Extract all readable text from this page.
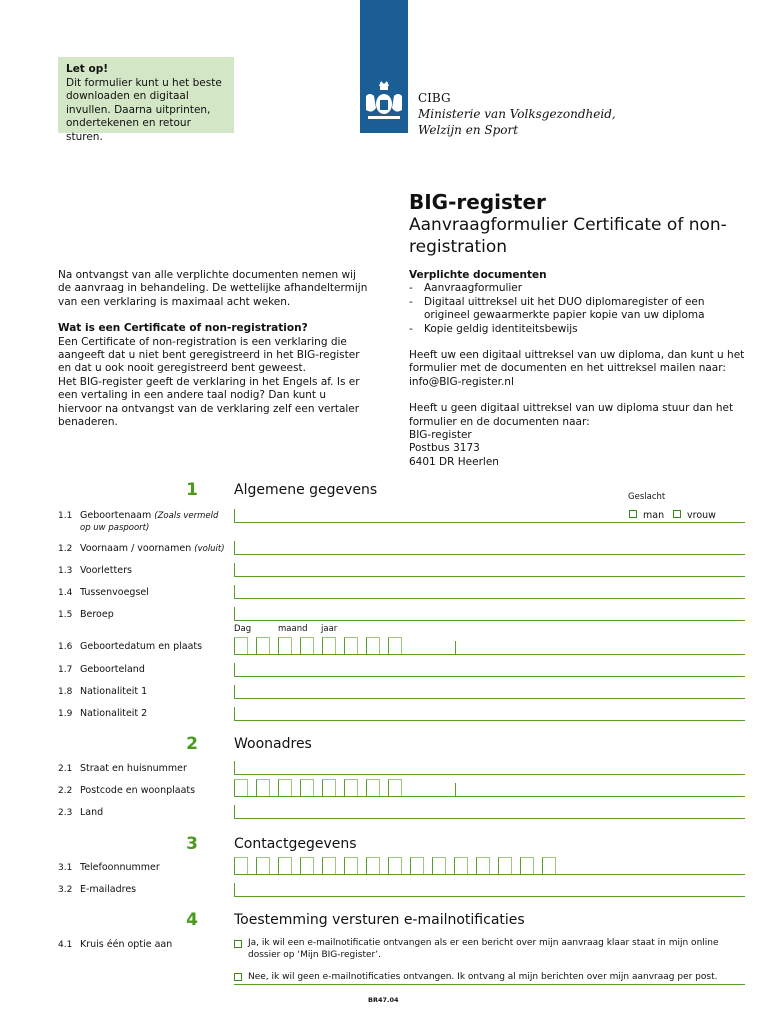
Let op!
Dit formulier kunt u het beste downloaden en digitaal invullen. Daarna uitprinten, ondertekenen en retour sturen.
CIBG
Ministerie van Volksgezondheid,
Welzijn en Sport
BIG-register
Aanvraagformulier Certificate of non-registration

Na ontvangst van alle verplichte documenten nemen wij de aanvraag in behandeling. De wettelijke afhandeltermijn van een verklaring is maximaal acht weken.

Wat is een Certificate of non-registration?

Een Certificate of non-registration is een verklaring die aangeeft dat u niet bent geregistreerd in het BIG-register en dat u ook nooit geregistreerd bent geweest.

Het BIG-register geeft de verklaring in het Engels af. Is er een vertaling in een andere taal nodig? Dan kunt u hiervoor na ontvangst van de verklaring zelf een vertaler benaderen.

Verplichte documenten

-	Aanvraagformulier
-	Digitaal uittreksel uit het DUO diplomaregister of een origineel gewaarmerkte papier kopie van uw diploma
-	Kopie geldig identiteitsbewijs

Heeft uw een digitaal uittreksel van uw diploma, dan kunt u het formulier met de documenten en het uittreksel mailen naar:

info@BIG-register.nl

Heeft u geen digitaal uittreksel van uw diploma stuur dan het formulier en de documenten naar:

BIG-register

Postbus 3173

6401 DR Heerlen

1	Algemene gegevens
2	Woonadres
3	Contactgegevens
4	Toestemming versturen e-mailnotificaties
Geslacht
man vrouw
1.1 Geboortenaam (Zoals vermeld op uw paspoort)
1.2 Voornaam / voornamen (voluit)
1.3 Voorletters
1.4 Tussenvoegsel
1.5 Beroep
Dag	maand jaar
1.6 Geboortedatum en plaats
1.7 Geboorteland
1.8 Nationaliteit 1
1.9 Nationaliteit 2
2.1 Straat en huisnummer
2.2 Postcode en woonplaats
2.3 Land
3.1 Telefoonnummer
3.2 E-mailadres
4.1 Kruis één optie aan	Ja, ik wil een e-mailnotificatie ontvangen als er een bericht over mijn aanvraag klaar staat in mijn online dossier op ‘Mijn BIG-register’.
Nee, ik wil geen e-mailnotificaties ontvangen. Ik ontvang al mijn berichten over mijn aanvraag per post.
BR47.04
